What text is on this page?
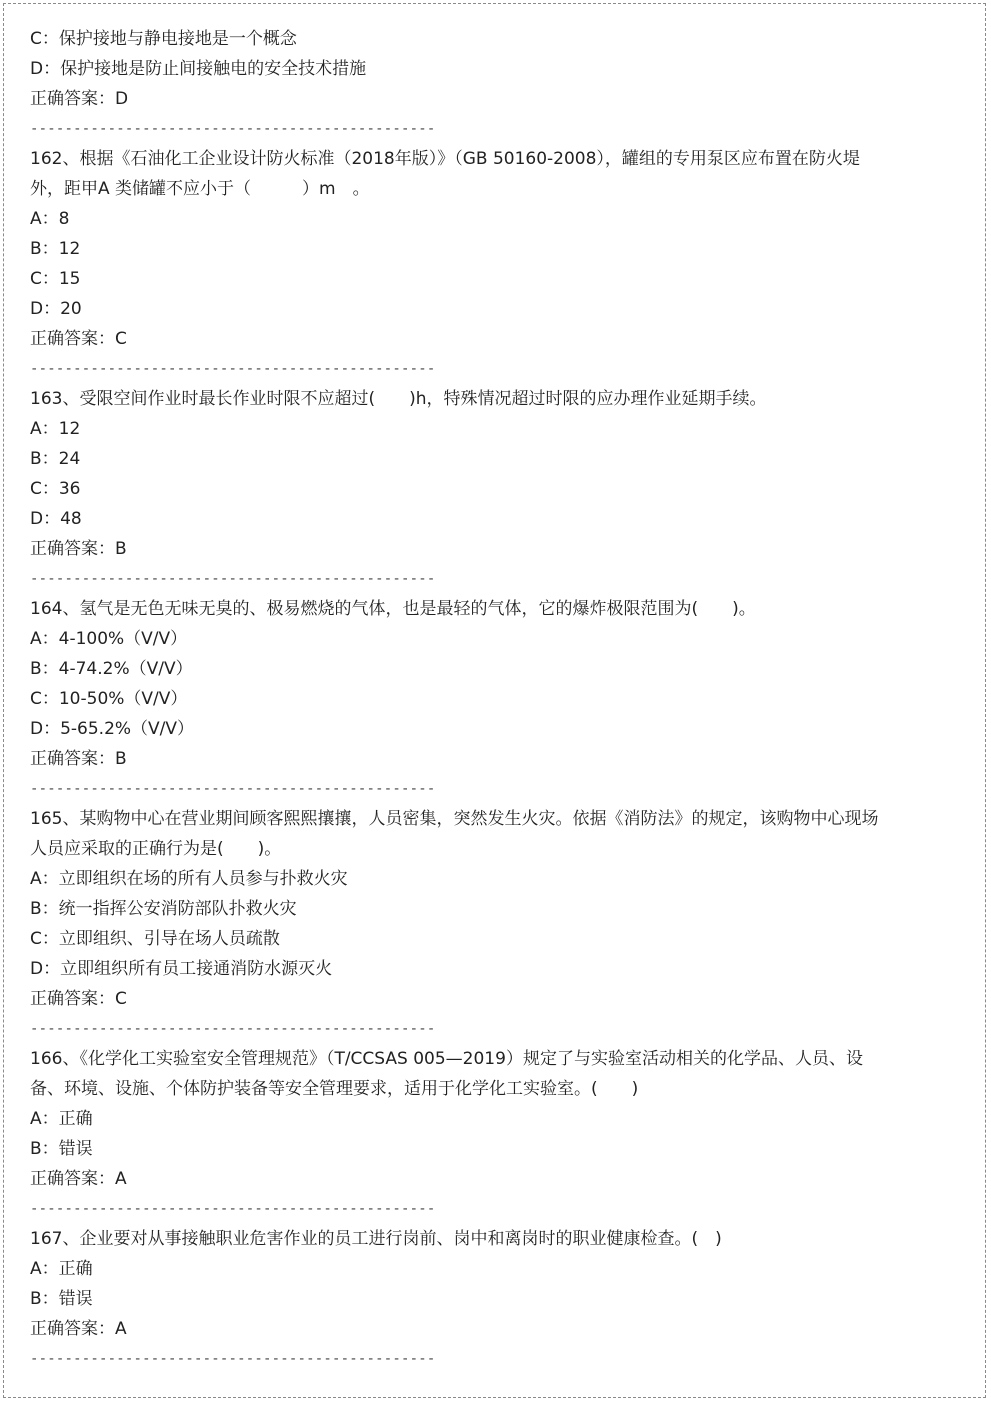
C：保护接地与静电接地是一个概念
D：保护接地是防止间接触电的安全技术措施
正确答案：D
-----------------------------------------------
162、根据《石油化工企业设计防火标准（2018年版）》（GB 50160-2008），罐组的专用泵区应布置在防火堤外，距甲A 类储罐不应小于（　　　）m　。
A：8
B：12
C：15
D：20
正确答案：C
-----------------------------------------------
163、受限空间作业时最长作业时限不应超过(　　)h，特殊情况超过时限的应办理作业延期手续。
A：12
B：24
C：36
D：48
正确答案：B
-----------------------------------------------
164、氢气是无色无味无臭的、极易燃烧的气体，也是最轻的气体，它的爆炸极限范围为(　　)。
A：4-100%（V/V）
B：4-74.2%（V/V）
C：10-50%（V/V）
D：5-65.2%（V/V）
正确答案：B
-----------------------------------------------
165、某购物中心在营业期间顾客熙熙攘攘，人员密集，突然发生火灾。依据《消防法》的规定，该购物中心现场人员应采取的正确行为是(　　)。
A：立即组织在场的所有人员参与扑救火灾
B：统一指挥公安消防部队扑救火灾
C：立即组织、引导在场人员疏散
D：立即组织所有员工接通消防水源灭火
正确答案：C
-----------------------------------------------
166、《化学化工实验室安全管理规范》（T/CCSAS 005—2019）规定了与实验室活动相关的化学品、人员、设备、环境、设施、个体防护装备等安全管理要求，适用于化学化工实验室。(　　)
A：正确
B：错误
正确答案：A
-----------------------------------------------
167、企业要对从事接触职业危害作业的员工进行岗前、岗中和离岗时的职业健康检查。(　)
A：正确
B：错误
正确答案：A
-----------------------------------------------
